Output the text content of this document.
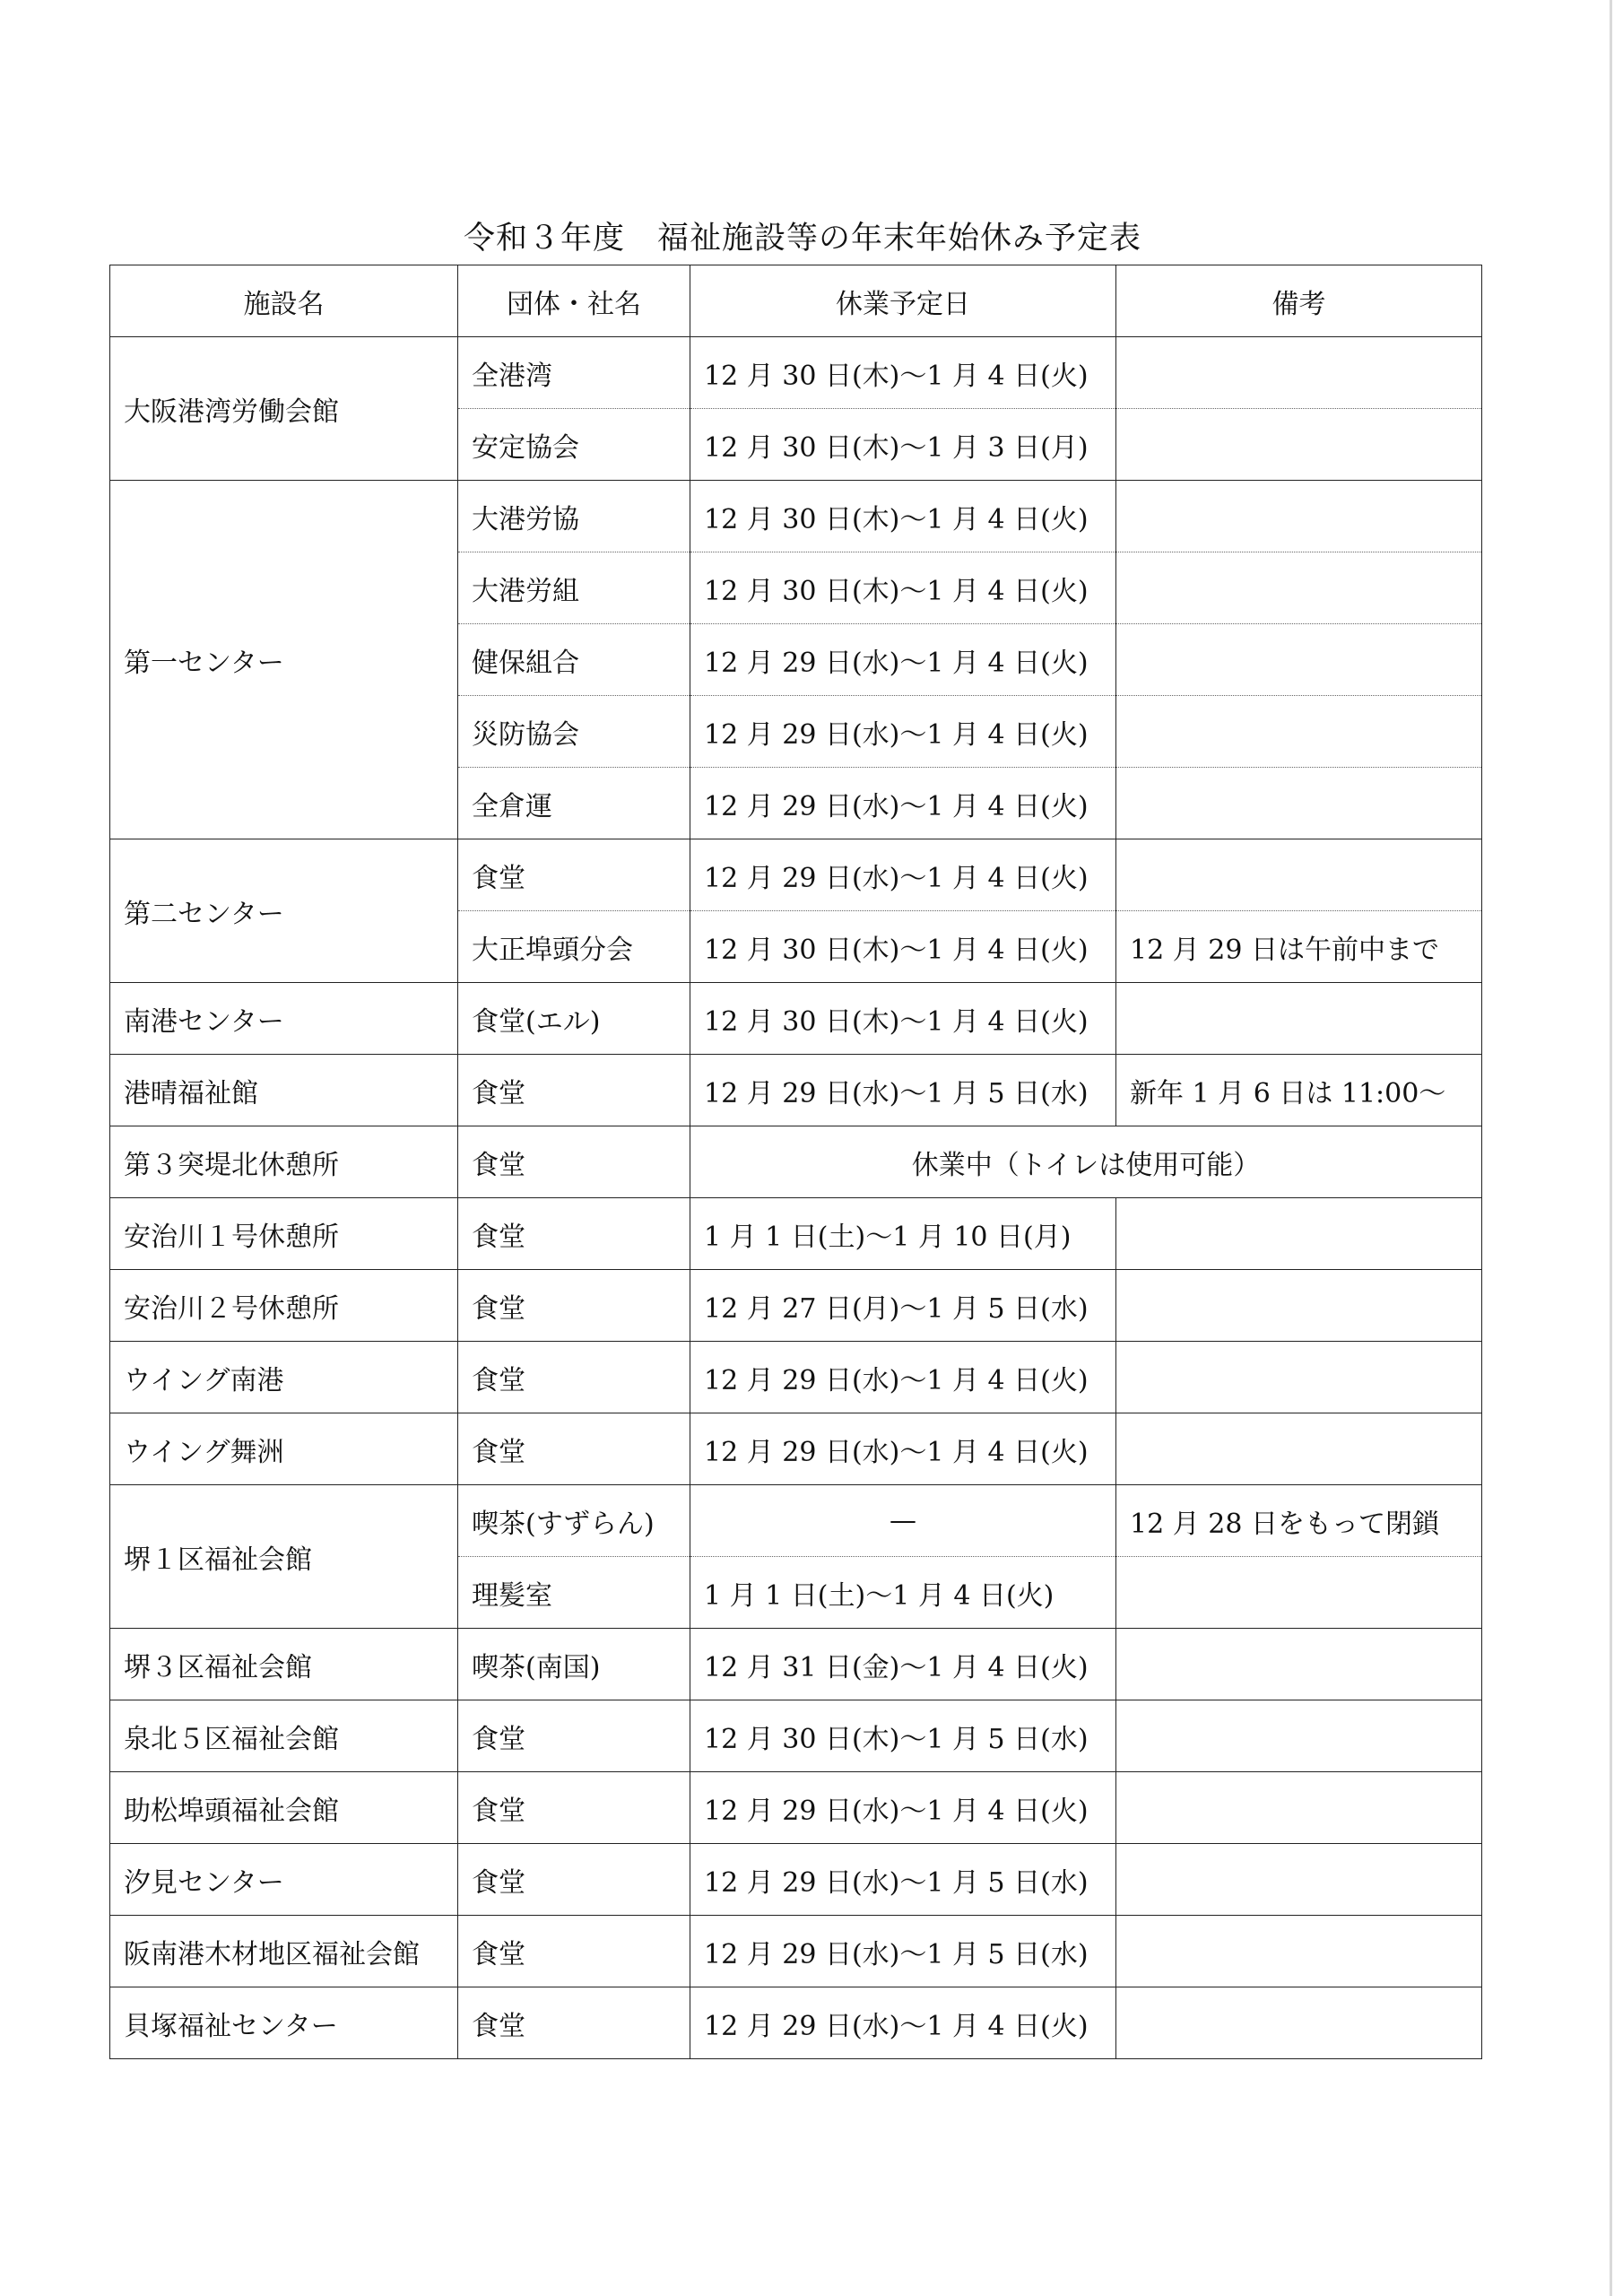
令和３年度　福祉施設等の年末年始休み予定表
施設名	団体・社名	休業予定日	備考
大阪港湾労働会館	全港湾	12 月 30 日(木)〜1 月 4 日(火)	
	安定協会	12 月 30 日(木)〜1 月 3 日(月)	
第一センター	大港労協	12 月 30 日(木)〜1 月 4 日(火)	
	大港労組	12 月 30 日(木)〜1 月 4 日(火)	
	健保組合	12 月 29 日(水)〜1 月 4 日(火)	
	災防協会	12 月 29 日(水)〜1 月 4 日(火)	
	全倉運	12 月 29 日(水)〜1 月 4 日(火)	
第二センター	食堂	12 月 29 日(水)〜1 月 4 日(火)	
	大正埠頭分会	12 月 30 日(木)〜1 月 4 日(火)	12 月 29 日は午前中まで
南港センター	食堂(エル)	12 月 30 日(木)〜1 月 4 日(火)	
港晴福祉館	食堂	12 月 29 日(水)〜1 月 5 日(水)	新年 1 月 6 日は 11:00〜
第３突堤北休憩所	食堂	休業中（トイレは使用可能）	
安治川１号休憩所	食堂	1 月 1 日(土)〜1 月 10 日(月)	
安治川２号休憩所	食堂	12 月 27 日(月)〜1 月 5 日(水)	
ウイング南港	食堂	12 月 29 日(水)〜1 月 4 日(火)	
ウイング舞洲	食堂	12 月 29 日(水)〜1 月 4 日(火)	
堺１区福祉会館	喫茶(すずらん)	—	12 月 28 日をもって閉鎖
	理髪室	1 月 1 日(土)〜1 月 4 日(火)	
堺３区福祉会館	喫茶(南国)	12 月 31 日(金)〜1 月 4 日(火)	
泉北５区福祉会館	食堂	12 月 30 日(木)〜1 月 5 日(水)	
助松埠頭福祉会館	食堂	12 月 29 日(水)〜1 月 4 日(火)	
汐見センター	食堂	12 月 29 日(水)〜1 月 5 日(水)	
阪南港木材地区福祉会館	食堂	12 月 29 日(水)〜1 月 5 日(水)	
貝塚福祉センター	食堂	12 月 29 日(水)〜1 月 4 日(火)	
